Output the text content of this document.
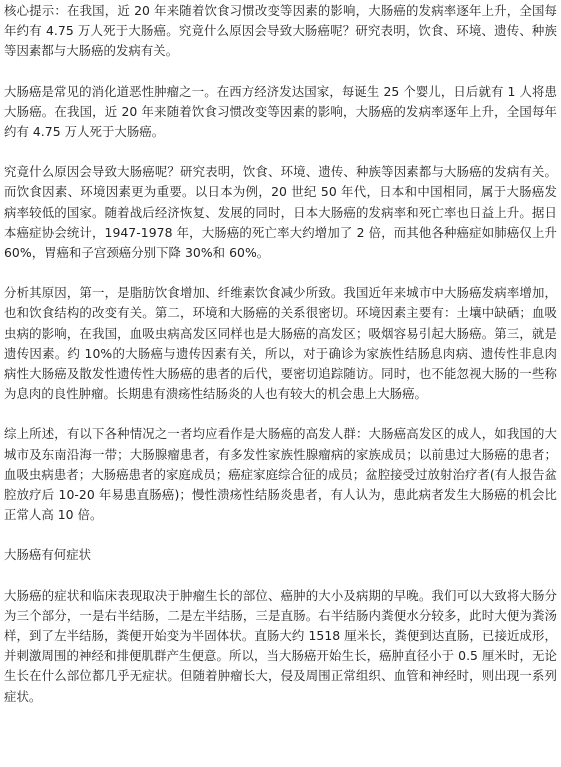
核心提示：在我国，近 20 年来随着饮食习惯改变等因素的影响，大肠癌的发病率逐年上升，全国每年约有 4.75 万人死于大肠癌。究竟什么原因会导致大肠癌呢？研究表明，饮食、环境、遗传、种族等因素都与大肠癌的发病有关。

大肠癌是常见的消化道恶性肿瘤之一。在西方经济发达国家，每诞生 25 个婴儿，日后就有 1 人将患大肠癌。在我国，近 20 年来随着饮食习惯改变等因素的影响，大肠癌的发病率逐年上升，全国每年约有 4.75 万人死于大肠癌。

究竟什么原因会导致大肠癌呢？研究表明，饮食、环境、遗传、种族等因素都与大肠癌的发病有关。而饮食因素、环境因素更为重要。以日本为例，20 世纪 50 年代，日本和中国相同，属于大肠癌发病率较低的国家。随着战后经济恢复、发展的同时，日本大肠癌的发病率和死亡率也日益上升。据日本癌症协会统计，1947-1978 年，大肠癌的死亡率大约增加了 2 倍，而其他各种癌症如肺癌仅上升 60%，胃癌和子宫颈癌分别下降 30%和 60%。

分析其原因，第一，是脂肪饮食增加、纤维素饮食减少所致。我国近年来城市中大肠癌发病率增加，也和饮食结构的改变有关。第二，环境和大肠癌的关系很密切。环境因素主要有：土壤中缺硒；血吸虫病的影响，在我国，血吸虫病高发区同样也是大肠癌的高发区；吸烟容易引起大肠癌。第三，就是遗传因素。约 10%的大肠癌与遗传因素有关，所以，对于确诊为家族性结肠息肉病、遗传性非息肉病性大肠癌及散发性遗传性大肠癌的患者的后代，要密切追踪随访。同时，也不能忽视大肠的一些称为息肉的良性肿瘤。长期患有溃疡性结肠炎的人也有较大的机会患上大肠癌。

综上所述，有以下各种情况之一者均应看作是大肠癌的高发人群：大肠癌高发区的成人，如我国的大城市及东南沿海一带；大肠腺瘤患者，有多发性家族性腺瘤病的家族成员；以前患过大肠癌的患者；血吸虫病患者；大肠癌患者的家庭成员；癌症家庭综合征的成员；盆腔接受过放射治疗者(有人报告盆腔放疗后 10-20 年易患直肠癌)；慢性溃疡性结肠炎患者，有人认为，患此病者发生大肠癌的机会比正常人高 10 倍。

大肠癌有何症状

大肠癌的症状和临床表现取决于肿瘤生长的部位、癌肿的大小及病期的早晚。我们可以大致将大肠分为三个部分，一是右半结肠，二是左半结肠，三是直肠。右半结肠内粪便水分较多，此时大便为粪汤样，到了左半结肠，粪便开始变为半固体状。直肠大约 1518 厘米长，粪便到达直肠，已接近成形，并刺激周围的神经和排便肌群产生便意。所以，当大肠癌开始生长，癌肿直径小于 0.5 厘米时，无论生长在什么部位都几乎无症状。但随着肿瘤长大，侵及周围正常组织、血管和神经时，则出现一系列症状。
